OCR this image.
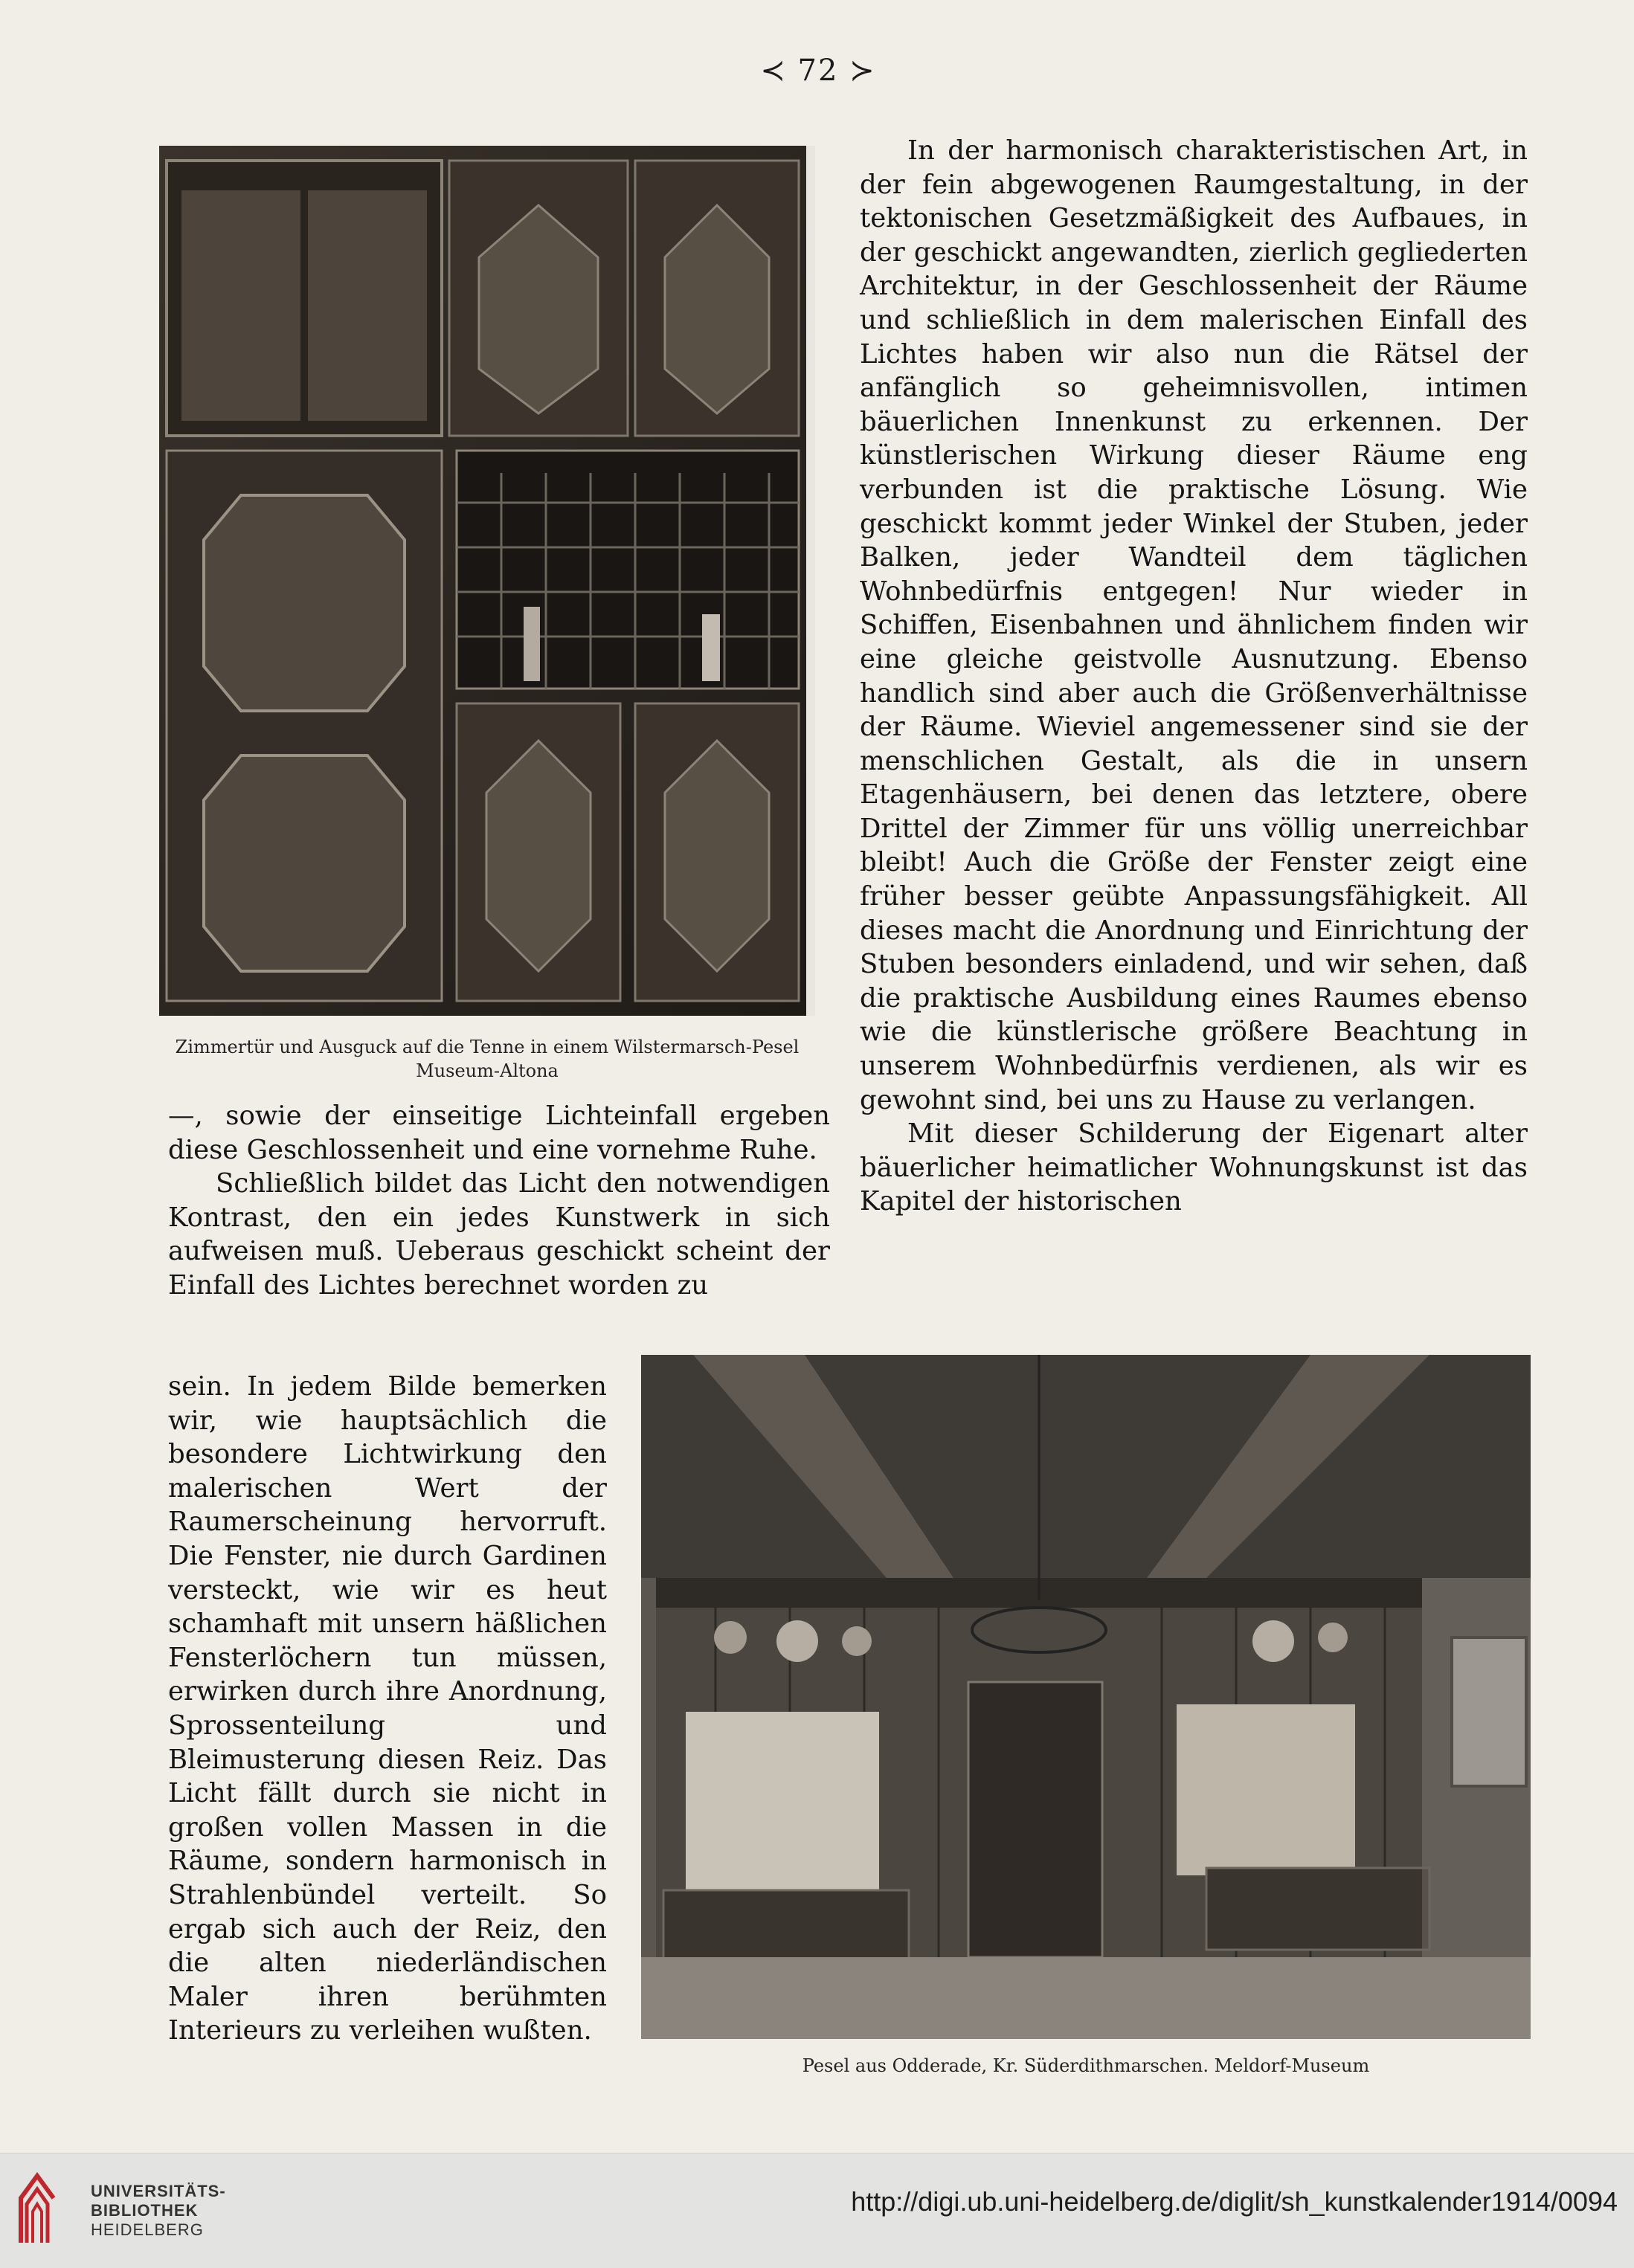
≺ 72 ≻
Zimmertür und Ausguck auf die Tenne in einem Wilstermarsch-Pesel Museum-Altona

In der harmonisch charakteristischen Art, in der fein abgewogenen Raumgestaltung, in der tektonischen Gesetzmäßigkeit des Aufbaues, in der geschickt angewandten, zierlich gegliederten Architektur, in der Geschlossenheit der Räume und schließlich in dem malerischen Einfall des Lichtes haben wir also nun die Rätsel der anfänglich so geheimnisvollen, intimen bäuerlichen Innenkunst zu erkennen. Der künstlerischen Wirkung dieser Räume eng verbunden ist die praktische Lösung. Wie geschickt kommt jeder Winkel der Stuben, jeder Balken, jeder Wandteil dem täglichen Wohnbedürfnis entgegen! Nur wieder in Schiffen, Eisenbahnen und ähnlichem finden wir eine gleiche geistvolle Ausnutzung. Ebenso handlich sind aber auch die Größenverhältnisse der Räume. Wieviel angemessener sind sie der menschlichen Gestalt, als die in unsern Etagenhäusern, bei denen das letztere, obere Drittel der Zimmer für uns völlig unerreichbar bleibt! Auch die Größe der Fenster zeigt eine früher besser geübte Anpassungsfähigkeit. All dieses macht die Anordnung und Einrichtung der Stuben besonders einladend, und wir sehen, daß die praktische Ausbildung eines Raumes ebenso wie die künstlerische größere Beachtung in unserem Wohnbedürfnis verdienen, als wir es gewohnt sind, bei uns zu Hause zu verlangen.

Mit dieser Schilderung der Eigenart alter bäuerlicher heimatlicher Wohnungskunst ist das Kapitel der historischen

—, sowie der einseitige Lichteinfall ergeben diese Geschlossenheit und eine vornehme Ruhe.

Schließlich bildet das Licht den notwendigen Kontrast, den ein jedes Kunstwerk in sich aufweisen muß. Ueberaus geschickt scheint der Einfall des Lichtes berechnet worden zu

sein. In jedem Bilde bemerken wir, wie hauptsächlich die besondere Lichtwirkung den malerischen Wert der Raumerscheinung hervorruft. Die Fenster, nie durch Gardinen versteckt, wie wir es heut schamhaft mit unsern häßlichen Fensterlöchern tun müssen, erwirken durch ihre Anordnung, Sprossenteilung und Bleimusterung diesen Reiz. Das Licht fällt durch sie nicht in großen vollen Massen in die Räume, sondern harmonisch in Strahlenbündel verteilt. So ergab sich auch der Reiz, den die alten niederländischen Maler ihren berühmten Interieurs zu verleihen wußten.

Pesel aus Odderade, Kr. Süderdithmarschen. Meldorf-Museum
UNIVERSITÄTS-
BIBLIOTHEK
HEIDELBERG
http://digi.ub.uni-heidelberg.de/diglit/sh_kunstkalender1914/0094
